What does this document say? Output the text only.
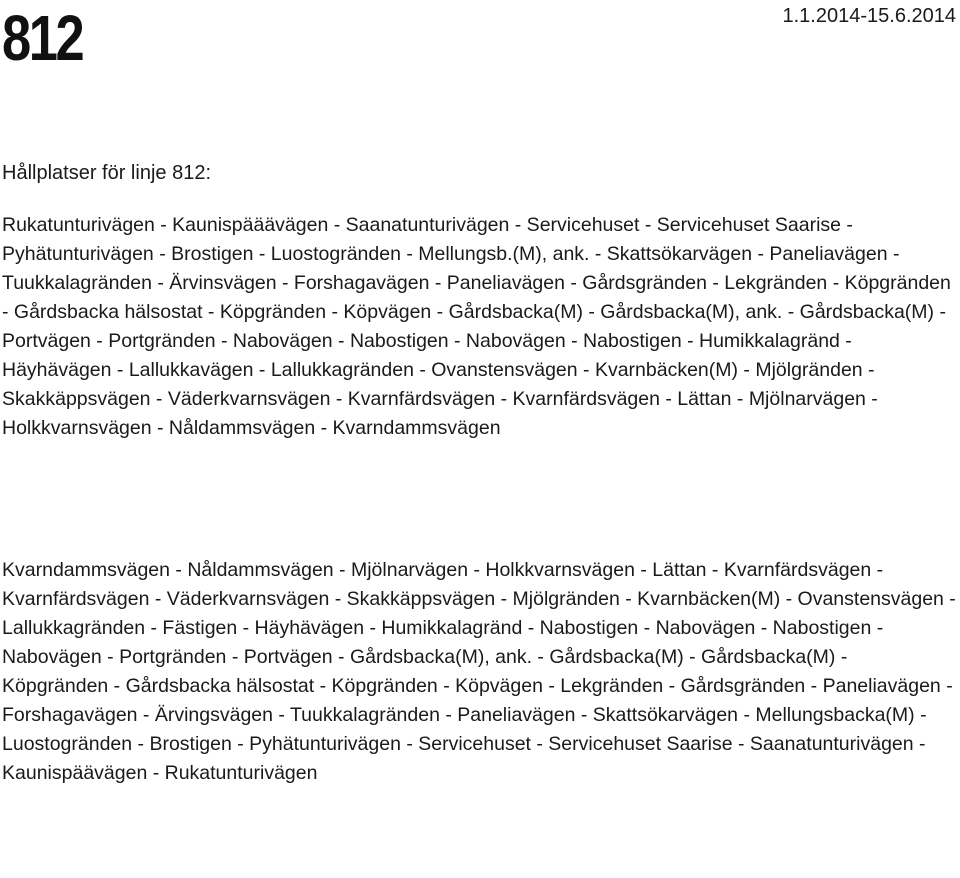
812	1.1.2014-15.6.2014
Hållplatser för linje 812:

Rukatunturivägen - Kaunispääävägen - Saanatunturivägen - Servicehuset - Servicehuset Saarise - Pyhätunturivägen - Brostigen - Luostogränden - Mellungsb.(M), ank. - Skattsökarvägen - Paneliavägen - Tuukkalagränden - Ärvinsvägen - Forshagavägen - Paneliavägen - Gårdsgränden - Lekgränden - Köpgränden - Gårdsbacka hälsostat - Köpgränden - Köpvägen - Gårdsbacka(M) - Gårdsbacka(M), ank. - Gårdsbacka(M) - Portvägen - Portgränden - Nabovägen - Nabostigen - Nabovägen - Nabostigen - Humikkalagränd - Häyhävägen - Lallukkavägen - Lallukkagränden - Ovanstensvägen - Kvarnbäcken(M) - Mjölgränden - Skakkäppsvägen - Väderkvarnsvägen - Kvarnfärdsvägen - Kvarnfärdsvägen - Lättan - Mjölnarvägen - Holkkvarnsvägen - Nåldammsvägen - Kvarndammsvägen

Kvarndammsvägen - Nåldammsvägen - Mjölnarvägen - Holkkvarnsvägen - Lättan - Kvarnfärdsvägen - Kvarnfärdsvägen - Väderkvarnsvägen - Skakkäppsvägen - Mjölgränden - Kvarnbäcken(M) - Ovanstensvägen - Lallukkagränden - Fästigen - Häyhävägen - Humikkalagränd - Nabostigen - Nabovägen - Nabostigen - Nabovägen - Portgränden - Portvägen - Gårdsbacka(M), ank. - Gårdsbacka(M) - Gårdsbacka(M) - Köpgränden - Gårdsbacka hälsostat - Köpgränden - Köpvägen - Lekgränden - Gårdsgränden - Paneliavägen - Forshagavägen - Ärvingsvägen - Tuukkalagränden - Paneliavägen - Skattsökarvägen - Mellungsbacka(M) - Luostogränden - Brostigen - Pyhätunturivägen - Servicehuset - Servicehuset Saarise - Saanatunturivägen - Kaunispäävägen - Rukatunturivägen
